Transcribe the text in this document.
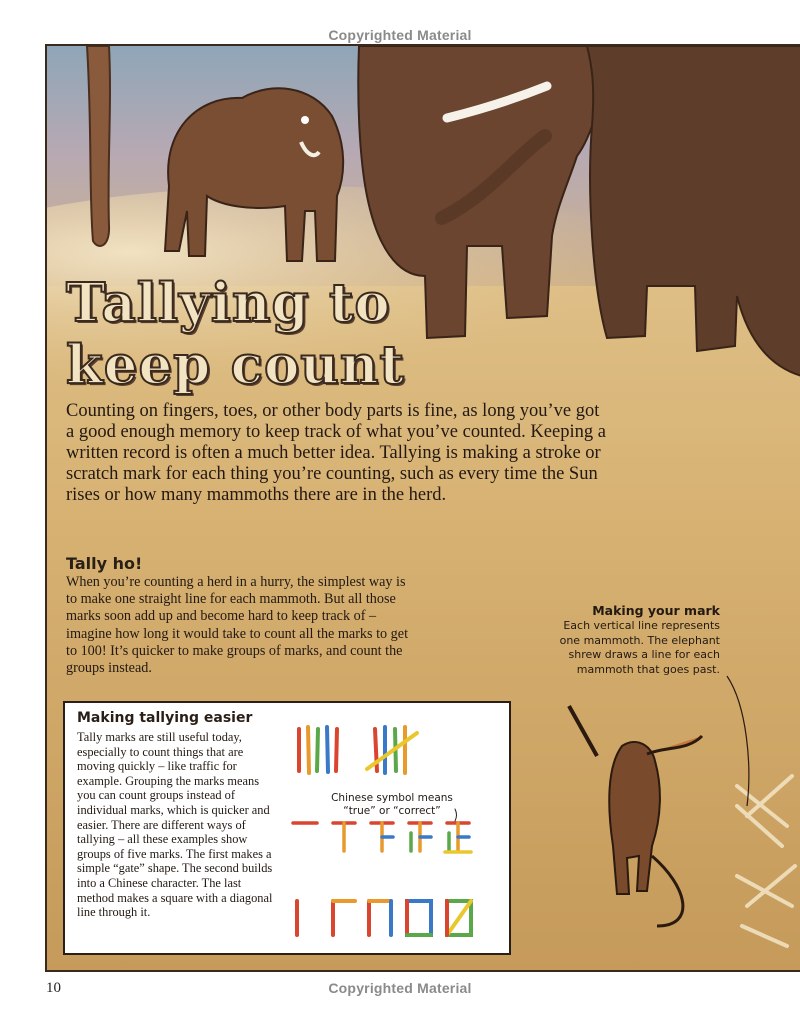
Copyrighted Material
Tallying to
keep count

Counting on fingers, toes, or other body parts is fine, as long you’ve got a good enough memory to keep track of what you’ve counted. Keeping a written record is often a much better idea. Tallying is making a stroke or scratch mark for each thing you’re counting, such as every time the Sun rises or how many mammoths there are in the herd.

Tally ho!

When you’re counting a herd in a hurry, the simplest way is to make one straight line for each mammoth. But all those marks soon add up and become hard to keep track of – imagine how long it would take to count all the marks to get to 100! It’s quicker to make groups of marks, and count the groups instead.

Making your mark
Each vertical line represents one mammoth. The elephant shrew draws a line for each mammoth that goes past.
Making tallying easier

Tally marks are still useful today, especially to count things that are moving quickly – like traffic for example. Grouping the marks means you can count groups instead of individual marks, which is quicker and easier. There are different ways of tallying – all these examples show groups of five marks. The first makes a simple “gate” shape. The second builds into a Chinese character. The last method makes a square with a diagonal line through it.

Chinese symbol means “true” or “correct”
10	Copyrighted Material
